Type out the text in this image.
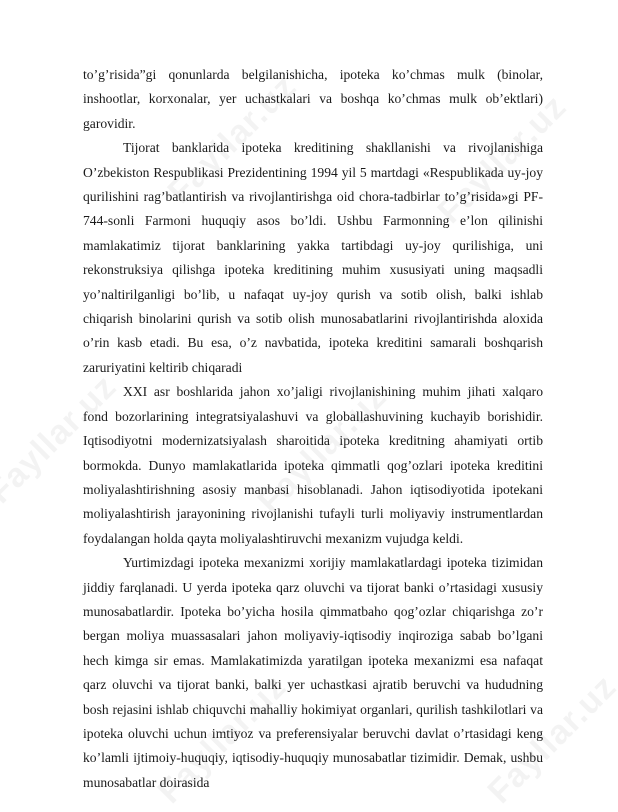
to’g’risida”gi qonunlarda belgilanishicha, ipoteka ko’chmas mulk (binolar, inshootlar, korxonalar, yer uchastkalari va boshqa ko’chmas mulk ob’ektlari) garovidir.

Tijorat banklarida ipoteka kreditining shakllanishi va rivojlanishiga O’zbekiston Respublikasi Prezidentining 1994 yil 5 martdagi «Respublikada uy-joy qurilishini rag’batlantirish va rivojlantirishga oid chora-tadbirlar to’g’risida»gi PF-744-sonli Farmoni huquqiy asos bo’ldi. Ushbu Farmonning e’lon qilinishi mamlakatimiz tijorat banklarining yakka tartibdagi uy-joy qurilishiga, uni rekonstruksiya qilishga ipoteka kreditining muhim xususiyati uning maqsadli yo’naltirilganligi bo’lib, u nafaqat uy-joy qurish va sotib olish, balki ishlab chiqarish binolarini qurish va sotib olish munosabatlarini rivojlantirishda aloxida o’rin kasb etadi. Bu esa, o’z navbatida, ipoteka kreditini samarali boshqarish zaruriyatini keltirib chiqaradi

XXI asr boshlarida jahon xo’jaligi rivojlanishining muhim jihati xalqaro fond bozorlarining integratsiyalashuvi va globallashuvining kuchayib borishidir. Iqtisodiyotni modernizatsiyalash sharoitida ipoteka kreditning ahamiyati ortib bormokda. Dunyo mamlakatlarida ipoteka qimmatli qog’ozlari ipoteka kreditini moliyalashtirishning asosiy manbasi hisoblanadi. Jahon iqtisodiyotida ipotekani moliyalashtirish jarayonining rivojlanishi tufayli turli moliyaviy instrumentlardan foydalangan holda qayta moliyalashtiruvchi mexanizm vujudga keldi.

Yurtimizdagi ipoteka mexanizmi xorijiy mamlakatlardagi ipoteka tizimidan jiddiy farqlanadi. U yerda ipoteka qarz oluvchi va tijorat banki o’rtasidagi xususiy munosabatlardir. Ipoteka bo’yicha hosila qimmatbaho qog’ozlar chiqarishga zo’r bergan moliya muassasalari jahon moliyaviy-iqtisodiy inqiroziga sabab bo’lgani hech kimga sir emas. Mamlakatimizda yaratilgan ipoteka mexanizmi esa nafaqat qarz oluvchi va tijorat banki, balki yer uchastkasi ajratib beruvchi va hududning bosh rejasini ishlab chiquvchi mahalliy hokimiyat organlari, qurilish tashkilotlari va ipoteka oluvchi uchun imtiyoz va preferensiyalar beruvchi davlat o’rtasidagi keng ko’lamli ijtimoiy-huquqiy, iqtisodiy-huquqiy munosabatlar tizimidir. Demak, ushbu munosabatlar doirasida
